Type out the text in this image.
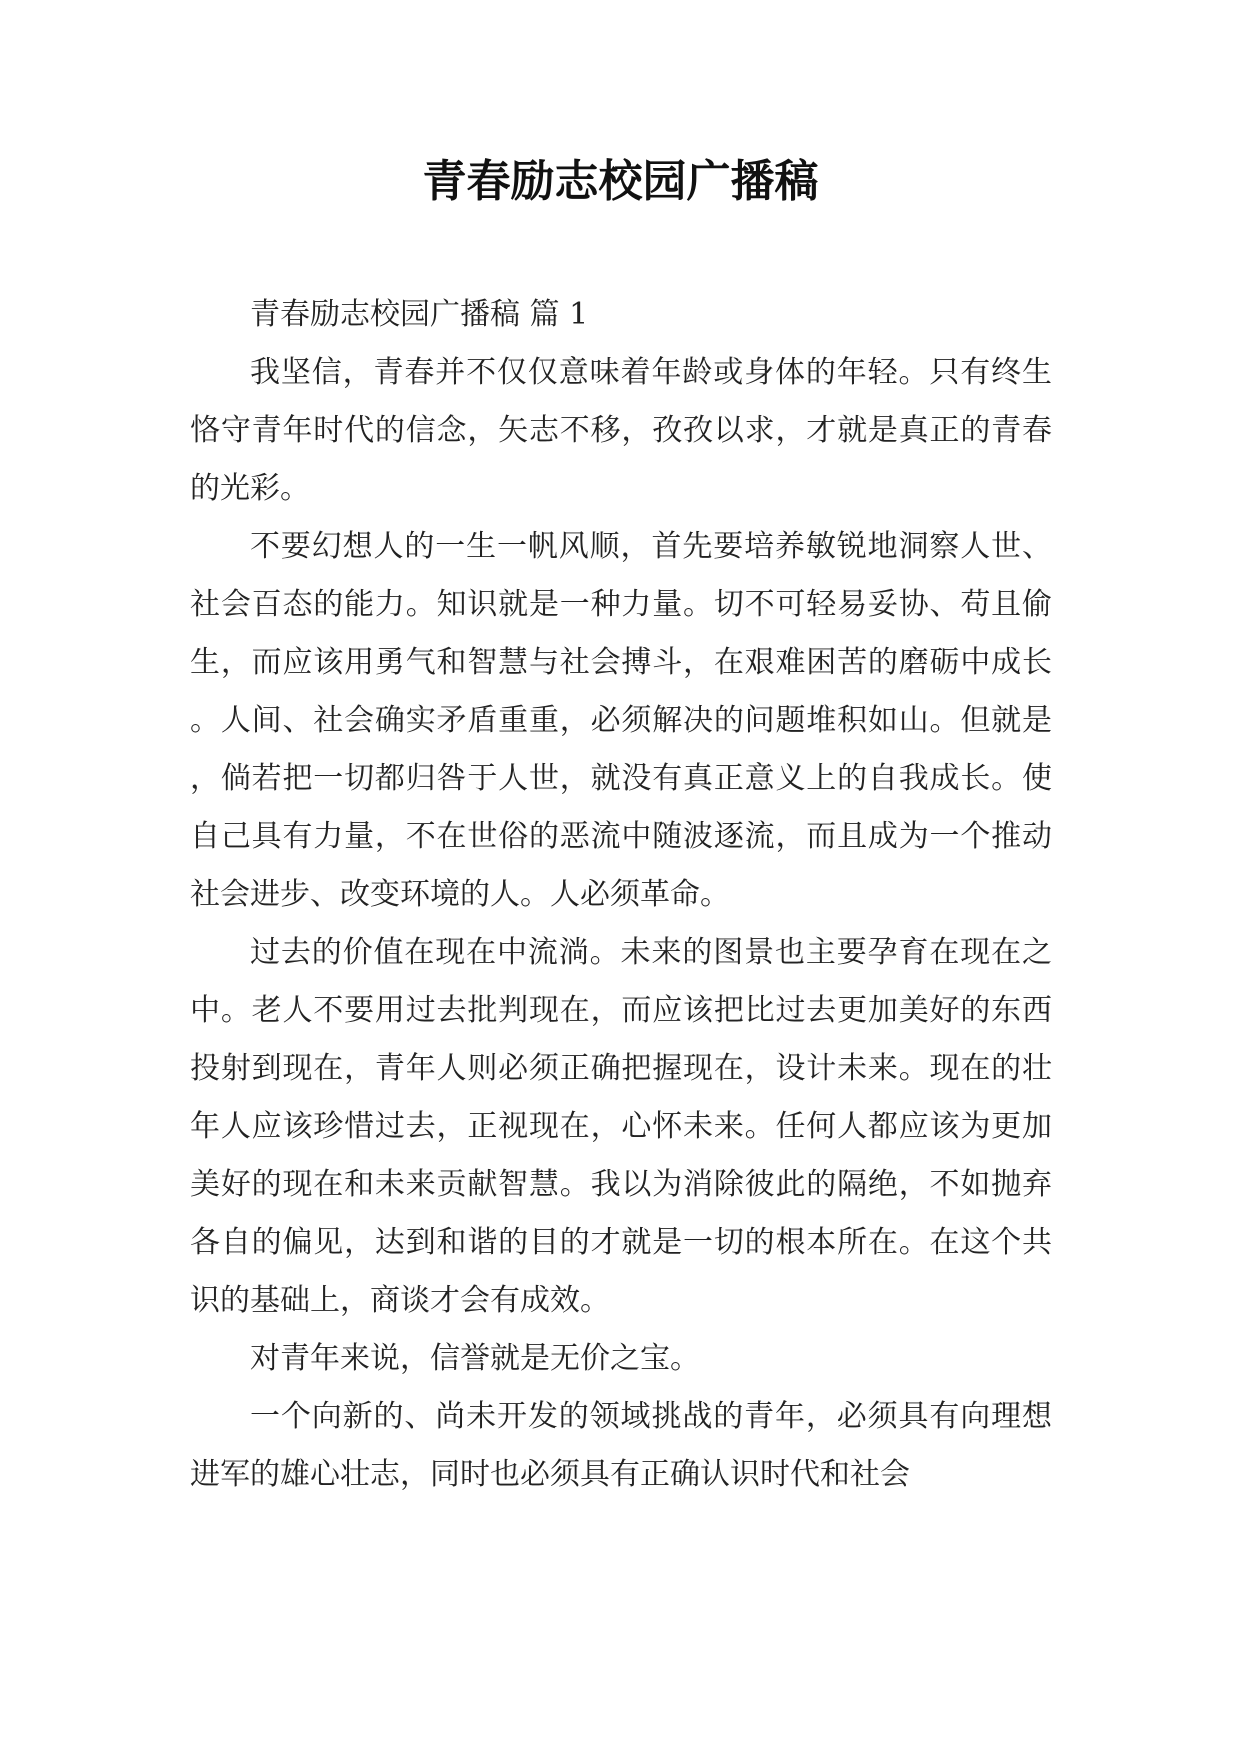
青春励志校园广播稿

青春励志校园广播稿 篇 1

我坚信，青春并不仅仅意味着年龄或身体的年轻。只有终生恪守青年时代的信念，矢志不移，孜孜以求，才就是真正的青春的光彩。

不要幻想人的一生一帆风顺，首先要培养敏锐地洞察人世、社会百态的能力。知识就是一种力量。切不可轻易妥协、苟且偷生，而应该用勇气和智慧与社会搏斗，在艰难困苦的磨砺中成长。人间、社会确实矛盾重重，必须解决的问题堆积如山。但就是，倘若把一切都归咎于人世，就没有真正意义上的自我成长。使自己具有力量，不在世俗的恶流中随波逐流，而且成为一个推动社会进步、改变环境的人。人必须革命。

过去的价值在现在中流淌。未来的图景也主要孕育在现在之中。老人不要用过去批判现在，而应该把比过去更加美好的东西投射到现在，青年人则必须正确把握现在，设计未来。现在的壮年人应该珍惜过去，正视现在，心怀未来。任何人都应该为更加美好的现在和未来贡献智慧。我以为消除彼此的隔绝，不如抛弃各自的偏见，达到和谐的目的才就是一切的根本所在。在这个共识的基础上，商谈才会有成效。

对青年来说，信誉就是无价之宝。

一个向新的、尚未开发的领域挑战的青年，必须具有向理想进军的雄心壮志，同时也必须具有正确认识时代和社会
